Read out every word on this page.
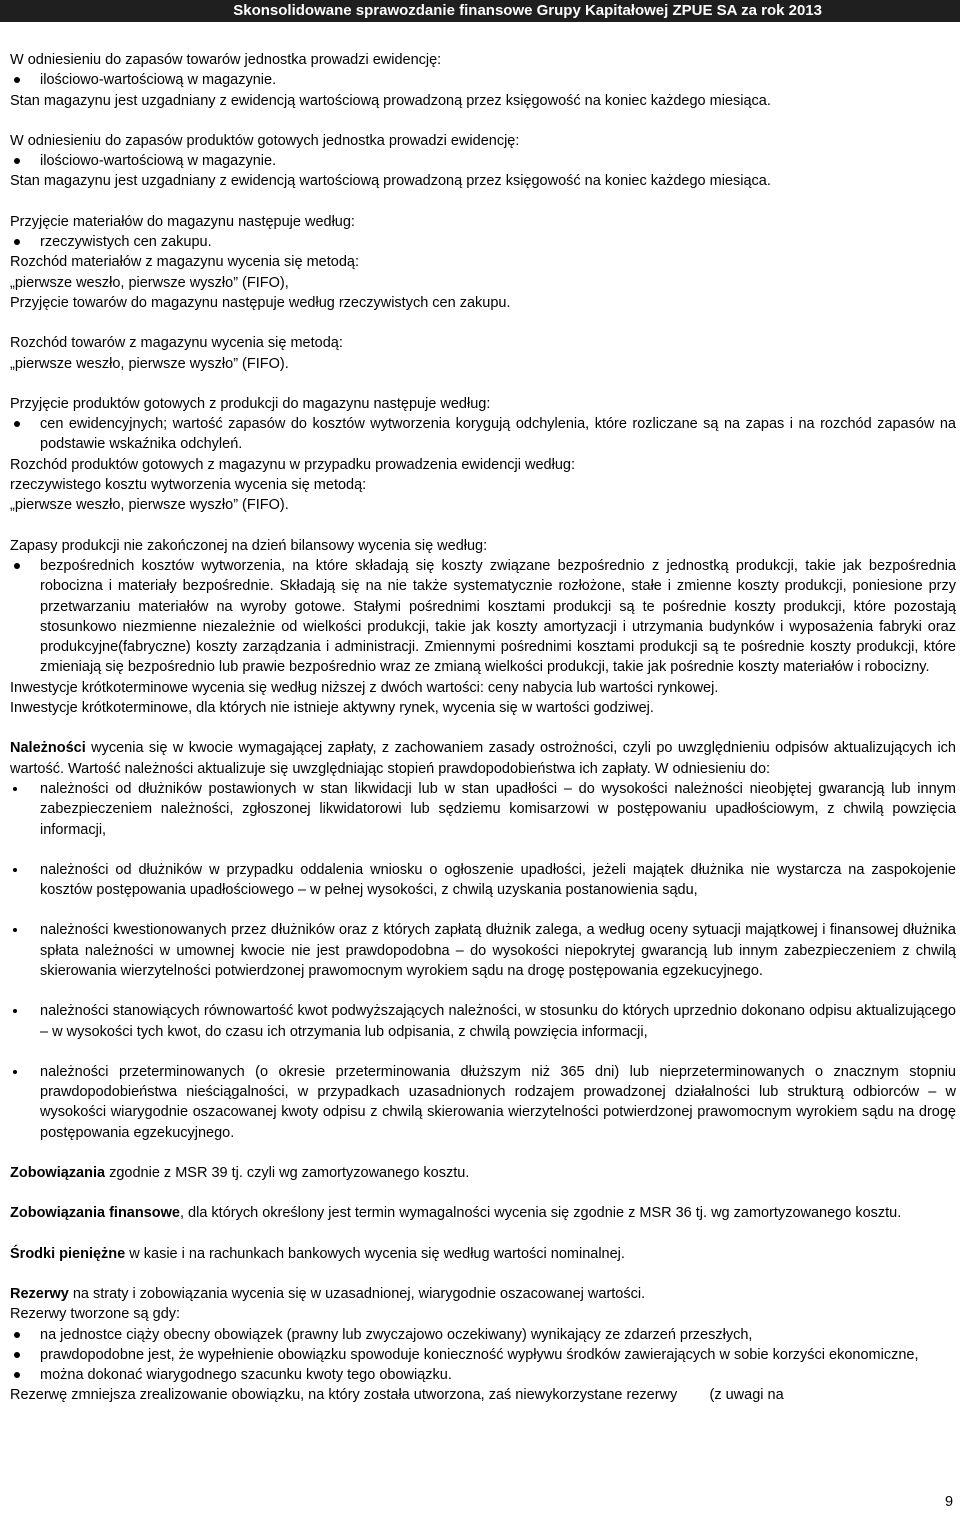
Skonsolidowane sprawozdanie finansowe Grupy Kapitałowej ZPUE SA za rok 2013

W odniesieniu do zapasów towarów jednostka prowadzi ewidencję:

ilościowo-wartościową w magazynie.

Stan magazynu jest uzgadniany z ewidencją wartościową prowadzoną przez księgowość na koniec każdego miesiąca.

W odniesieniu do zapasów produktów gotowych jednostka prowadzi ewidencję:

ilościowo-wartościową w magazynie.

Stan magazynu jest uzgadniany z ewidencją wartościową prowadzoną przez księgowość na koniec każdego miesiąca.

Przyjęcie materiałów do magazynu następuje według:

rzeczywistych cen zakupu.

Rozchód materiałów z magazynu wycenia się metodą:

„pierwsze weszło, pierwsze wyszło” (FIFO),

Przyjęcie towarów do magazynu następuje według rzeczywistych cen zakupu.

Rozchód towarów z magazynu wycenia się metodą:

„pierwsze weszło, pierwsze wyszło” (FIFO).

Przyjęcie produktów gotowych z produkcji do magazynu następuje według:

cen ewidencyjnych; wartość zapasów do kosztów wytworzenia korygują odchylenia, które rozliczane są na zapas i na rozchód zapasów na podstawie wskaźnika odchyleń.

Rozchód produktów gotowych z magazynu w przypadku prowadzenia ewidencji według:

rzeczywistego kosztu wytworzenia wycenia się metodą:

„pierwsze weszło, pierwsze wyszło” (FIFO).

Zapasy produkcji nie zakończonej na dzień bilansowy wycenia się według:

bezpośrednich kosztów wytworzenia, na które składają się koszty związane bezpośrednio z jednostką produkcji, takie jak bezpośrednia robocizna i materiały bezpośrednie. Składają się na nie także systematycznie rozłożone, stałe i zmienne koszty produkcji, poniesione przy przetwarzaniu materiałów na wyroby gotowe. Stałymi pośrednimi kosztami produkcji są te pośrednie koszty produkcji, które pozostają stosunkowo niezmienne niezależnie od wielkości produkcji, takie jak koszty amortyzacji i utrzymania budynków i wyposażenia fabryki oraz produkcyjne(fabryczne) koszty zarządzania i administracji. Zmiennymi pośrednimi kosztami produkcji są te pośrednie koszty produkcji, które zmieniają się bezpośrednio lub prawie bezpośrednio wraz ze zmianą wielkości produkcji, takie jak pośrednie koszty materiałów i robocizny.

Inwestycje krótkoterminowe wycenia się według niższej z dwóch wartości: ceny nabycia lub wartości rynkowej.

Inwestycje krótkoterminowe, dla których nie istnieje aktywny rynek, wycenia się w wartości godziwej.

Należności wycenia się w kwocie wymagającej zapłaty, z zachowaniem zasady ostrożności, czyli po uwzględnieniu odpisów aktualizujących ich wartość. Wartość należności aktualizuje się uwzględniając stopień prawdopodobieństwa ich zapłaty. W odniesieniu do:

należności od dłużników postawionych w stan likwidacji lub w stan upadłości – do wysokości należności nieobjętej gwarancją lub innym zabezpieczeniem należności, zgłoszonej likwidatorowi lub sędziemu komisarzowi w postępowaniu upadłościowym, z chwilą powzięcia informacji,
należności od dłużników w przypadku oddalenia wniosku o ogłoszenie upadłości, jeżeli majątek dłużnika nie wystarcza na zaspokojenie kosztów postępowania upadłościowego – w pełnej wysokości, z chwilą uzyskania postanowienia sądu,
należności kwestionowanych przez dłużników oraz z których zapłatą dłużnik zalega, a według oceny sytuacji majątkowej i finansowej dłużnika spłata należności w umownej kwocie nie jest prawdopodobna – do wysokości niepokrytej gwarancją lub innym zabezpieczeniem z chwilą skierowania wierzytelności potwierdzonej prawomocnym wyrokiem sądu na drogę postępowania egzekucyjnego.
należności stanowiących równowartość kwot podwyższających należności, w stosunku do których uprzednio dokonano odpisu aktualizującego – w wysokości tych kwot, do czasu ich otrzymania lub odpisania, z chwilą powzięcia informacji,
należności przeterminowanych (o okresie przeterminowania dłuższym niż 365 dni) lub nieprzeterminowanych o znacznym stopniu prawdopodobieństwa nieściągalności, w przypadkach uzasadnionych rodzajem prowadzonej działalności lub strukturą odbiorców – w wysokości wiarygodnie oszacowanej kwoty odpisu z chwilą skierowania wierzytelności potwierdzonej prawomocnym wyrokiem sądu na drogę postępowania egzekucyjnego.

Zobowiązania zgodnie z MSR 39 tj. czyli wg zamortyzowanego kosztu.

Zobowiązania finansowe, dla których określony jest termin wymagalności wycenia się zgodnie z MSR 36 tj. wg zamortyzowanego kosztu.

Środki pieniężne w kasie i na rachunkach bankowych wycenia się według wartości nominalnej.

Rezerwy na straty i zobowiązania wycenia się w uzasadnionej, wiarygodnie oszacowanej wartości.

Rezerwy tworzone są gdy:

na jednostce ciąży obecny obowiązek (prawny lub zwyczajowo oczekiwany) wynikający ze zdarzeń przeszłych,
prawdopodobne jest, że wypełnienie obowiązku spowoduje konieczność wypływu środków zawierających w sobie korzyści ekonomiczne,
można dokonać wiarygodnego szacunku kwoty tego obowiązku.

Rezerwę zmniejsza zrealizowanie obowiązku, na który została utworzona, zaś niewykorzystane rezerwy        (z uwagi na

9
